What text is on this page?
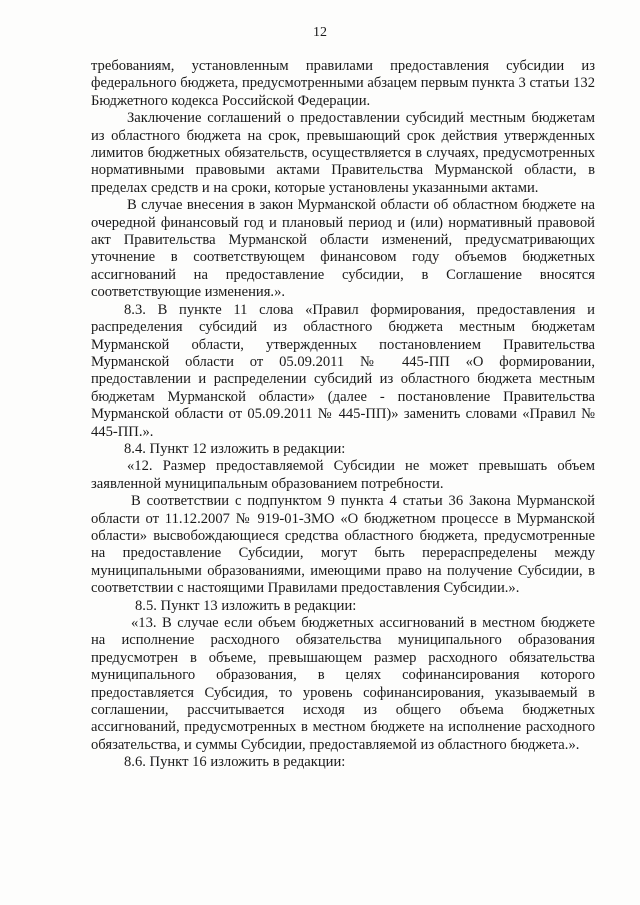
12

требованиям, установленным правилами предоставления субсидии из федерального бюджета, предусмотренными абзацем первым пункта 3 статьи 132 Бюджетного кодекса Российской Федерации.

Заключение соглашений о предоставлении субсидий местным бюджетам из областного бюджета на срок, превышающий срок действия утвержденных лимитов бюджетных обязательств, осуществляется в случаях, предусмотренных нормативными правовыми актами Правительства Мурманской области, в пределах средств и на сроки, которые установлены указанными актами.

В случае внесения в закон Мурманской области об областном бюджете на очередной финансовый год и плановый период и (или) нормативный правовой акт Правительства Мурманской области изменений, предусматривающих уточнение в соответствующем финансовом году объемов бюджетных ассигнований на предоставление субсидии, в Соглашение вносятся соответствующие изменения.».

8.3. В пункте 11 слова «Правил формирования, предоставления и распределения субсидий из областного бюджета местным бюджетам Мурманской области, утвержденных постановлением Правительства Мурманской области от 05.09.2011 № 445-ПП «О формировании, предоставлении и распределении субсидий из областного бюджета местным бюджетам Мурманской области» (далее - постановление Правительства Мурманской области от 05.09.2011 № 445-ПП)» заменить словами «Правил № 445-ПП.».

8.4. Пункт 12 изложить в редакции:

«12. Размер предоставляемой Субсидии не может превышать объем заявленной муниципальным образованием потребности.

В соответствии с подпунктом 9 пункта 4 статьи 36 Закона Мурманской области от 11.12.2007 № 919-01-ЗМО «О бюджетном процессе в Мурманской области» высвобождающиеся средства областного бюджета, предусмотренные на предоставление Субсидии, могут быть перераспределены между муниципальными образованиями, имеющими право на получение Субсидии, в соответствии с настоящими Правилами предоставления Субсидии.».

8.5. Пункт 13 изложить в редакции:

«13. В случае если объем бюджетных ассигнований в местном бюджете на исполнение расходного обязательства муниципального образования предусмотрен в объеме, превышающем размер расходного обязательства муниципального образования, в целях софинансирования которого предоставляется Субсидия, то уровень софинансирования, указываемый в соглашении, рассчитывается исходя из общего объема бюджетных ассигнований, предусмотренных в местном бюджете на исполнение расходного обязательства, и суммы Субсидии, предоставляемой из областного бюджета.».

8.6. Пункт 16 изложить в редакции:
